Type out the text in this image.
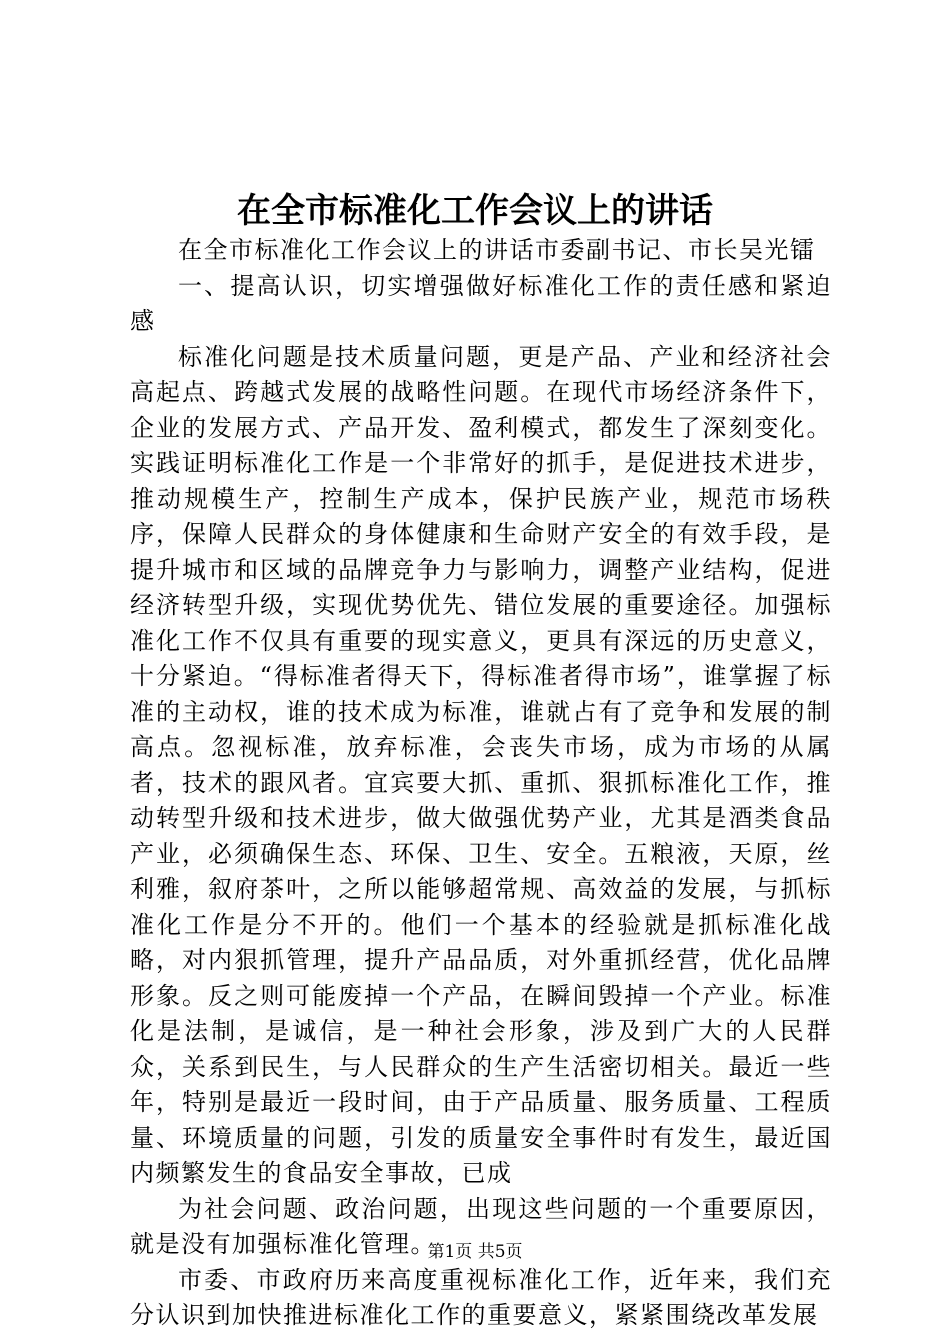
在全市标准化工作会议上的讲话

在全市标准化工作会议上的讲话市委副书记、市长吴光镭

一、提高认识，切实增强做好标准化工作的责任感和紧迫感

标准化问题是技术质量问题，更是产品、产业和经济社会高起点、跨越式发展的战略性问题。在现代市场经济条件下，企业的发展方式、产品开发、盈利模式，都发生了深刻变化。实践证明标准化工作是一个非常好的抓手，是促进技术进步，推动规模生产，控制生产成本，保护民族产业，规范市场秩序，保障人民群众的身体健康和生命财产安全的有效手段，是提升城市和区域的品牌竞争力与影响力，调整产业结构，促进经济转型升级，实现优势优先、错位发展的重要途径。加强标准化工作不仅具有重要的现实意义，更具有深远的历史意义，十分紧迫。“得标准者得天下，得标准者得市场”，谁掌握了标准的主动权，谁的技术成为标准，谁就占有了竞争和发展的制高点。忽视标准，放弃标准，会丧失市场，成为市场的从属者，技术的跟风者。宜宾要大抓、重抓、狠抓标准化工作，推动转型升级和技术进步，做大做强优势产业，尤其是酒类食品产业，必须确保生态、环保、卫生、安全。五粮液，天原，丝利雅，叙府茶叶，之所以能够超常规、高效益的发展，与抓标准化工作是分不开的。他们一个基本的经验就是抓标准化战略，对内狠抓管理，提升产品品质，对外重抓经营，优化品牌形象。反之则可能废掉一个产品，在瞬间毁掉一个产业。标准化是法制，是诚信，是一种社会形象，涉及到广大的人民群众，关系到民生，与人民群众的生产生活密切相关。最近一些年，特别是最近一段时间，由于产品质量、服务质量、工程质量、环境质量的问题，引发的质量安全事件时有发生，最近国内频繁发生的食品安全事故，已成

为社会问题、政治问题，出现这些问题的一个重要原因，就是没有加强标准化管理。

市委、市政府历来高度重视标准化工作，近年来，我们充分认识到加快推进标准化工作的重要意义，紧紧围绕改革发展

第1页 共5页
